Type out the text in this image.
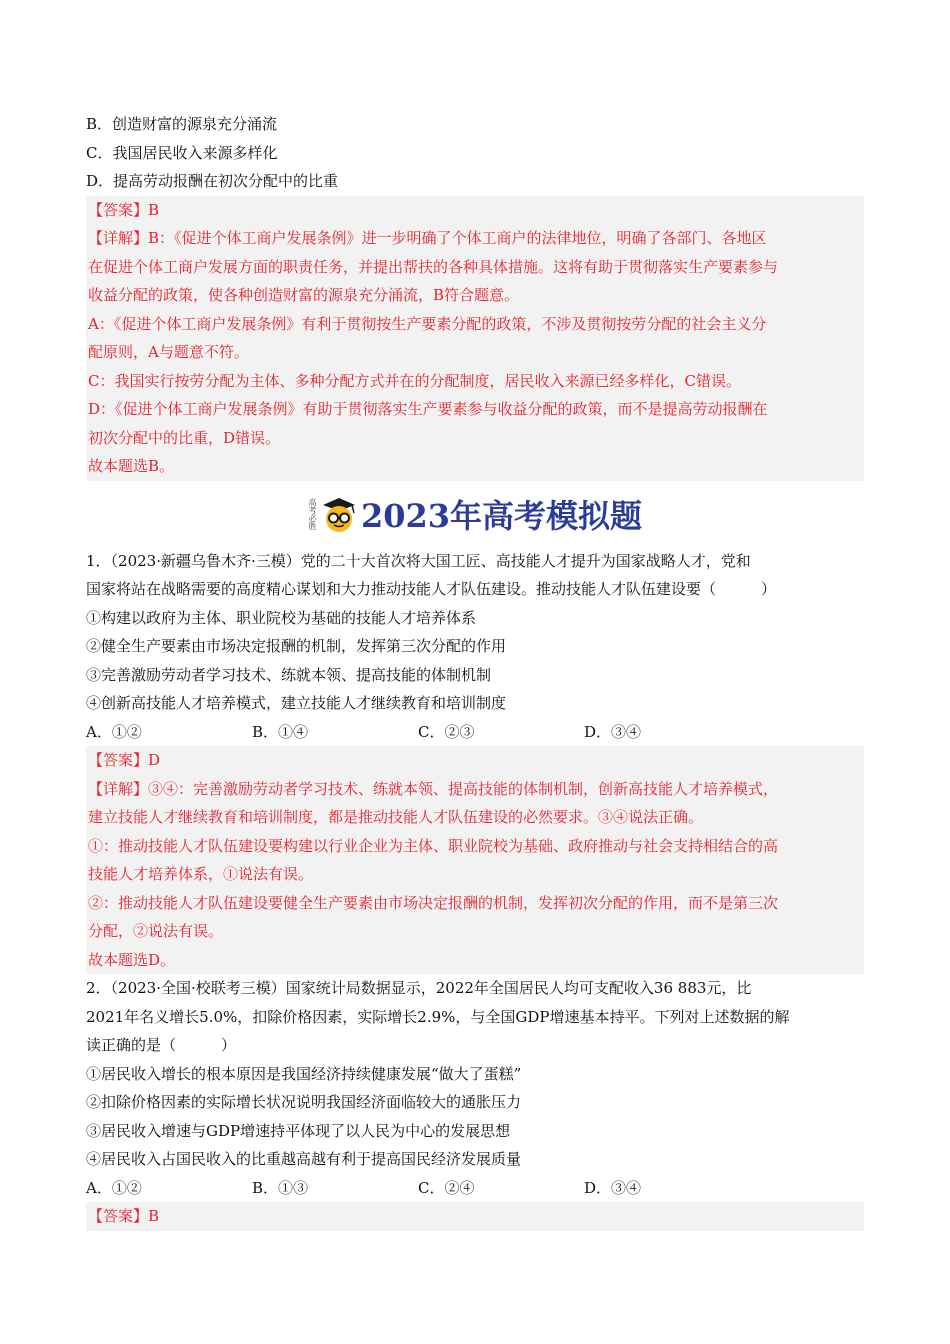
B．创造财富的源泉充分涌流
C．我国居民收入来源多样化
D．提高劳动报酬在初次分配中的比重
【答案】B
【详解】B：《促进个体工商户发展条例》进一步明确了个体工商户的法律地位，明确了各部门、各地区
在促进个体工商户发展方面的职责任务，并提出帮扶的各种具体措施。这将有助于贯彻落实生产要素参与
收益分配的政策，使各种创造财富的源泉充分涌流，B符合题意。
A：《促进个体工商户发展条例》有利于贯彻按生产要素分配的政策，不涉及贯彻按劳分配的社会主义分
配原则，A与题意不符。
C：我国实行按劳分配为主体、多种分配方式并在的分配制度，居民收入来源已经多样化，C错误。
D：《促进个体工商户发展条例》有助于贯彻落实生产要素参与收益分配的政策，而不是提高劳动报酬在
初次分配中的比重，D错误。
故本题选B。
高考必胜 2023年高考模拟题
1．（2023·新疆乌鲁木齐·三模）党的二十大首次将大国工匠、高技能人才提升为国家战略人才，党和
国家将站在战略需要的高度精心谋划和大力推动技能人才队伍建设。推动技能人才队伍建设要（　　　）
①构建以政府为主体、职业院校为基础的技能人才培养体系
②健全生产要素由市场决定报酬的机制，发挥第三次分配的作用
③完善激励劳动者学习技术、练就本领、提高技能的体制机制
④创新高技能人才培养模式，建立技能人才继续教育和培训制度
A．①②	B．①④	C．②③	D．③④
【答案】D
【详解】③④：完善激励劳动者学习技术、练就本领、提高技能的体制机制，创新高技能人才培养模式，
建立技能人才继续教育和培训制度，都是推动技能人才队伍建设的必然要求。③④说法正确。
①：推动技能人才队伍建设要构建以行业企业为主体、职业院校为基础、政府推动与社会支持相结合的高
技能人才培养体系，①说法有误。
②：推动技能人才队伍建设要健全生产要素由市场决定报酬的机制，发挥初次分配的作用，而不是第三次
分配，②说法有误。
故本题选D。
2．（2023·全国·校联考三模）国家统计局数据显示，2022年全国居民人均可支配收入36 883元，比
2021年名义增长5.0%，扣除价格因素，实际增长2.9%，与全国GDP增速基本持平。下列对上述数据的解
读正确的是（　　　）
①居民收入增长的根本原因是我国经济持续健康发展“做大了蛋糕”
②扣除价格因素的实际增长状况说明我国经济面临较大的通胀压力
③居民收入增速与GDP增速持平体现了以人民为中心的发展思想
④居民收入占国民收入的比重越高越有利于提高国民经济发展质量
A．①②	B．①③	C．②④	D．③④
【答案】B
